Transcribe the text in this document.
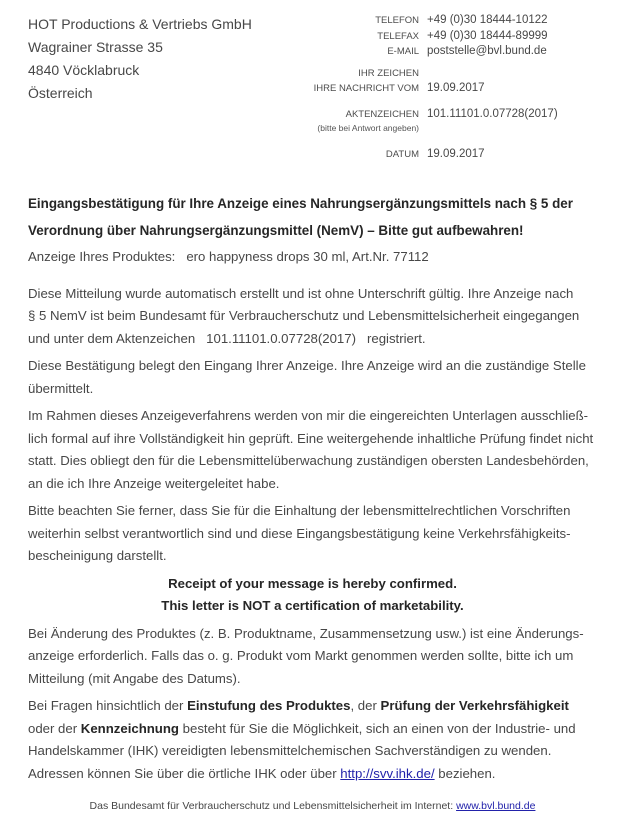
HOT Productions & Vertriebs GmbH
Wagrainer Strasse 35
4840 Vöcklabruck
Österreich
TELEFON +49 (0)30 18444-10122
TELEFAX +49 (0)30 18444-89999
E-MAIL poststelle@bvl.bund.de
IHR ZEICHEN
IHRE NACHRICHT VOM 19.09.2017
AKTENZEICHEN 101.11101.0.07728(2017)
(bitte bei Antwort angeben)
DATUM 19.09.2017
Eingangsbestätigung für Ihre Anzeige eines Nahrungsergänzungsmittels nach § 5 der
Verordnung über Nahrungsergänzungsmittel (NemV) – Bitte gut aufbewahren!
Anzeige Ihres Produktes:   ero happyness drops 30 ml, Art.Nr. 77112

Diese Mitteilung wurde automatisch erstellt und ist ohne Unterschrift gültig. Ihre Anzeige nach
§ 5 NemV ist beim Bundesamt für Verbraucherschutz und Lebensmittelsicherheit eingegangen
und unter dem Aktenzeichen   101.11101.0.07728(2017)   registriert.

Diese Bestätigung belegt den Eingang Ihrer Anzeige. Ihre Anzeige wird an die zuständige Stelle
übermittelt.

Im Rahmen dieses Anzeigeverfahrens werden von mir die eingereichten Unterlagen ausschließ-
lich formal auf ihre Vollständigkeit hin geprüft. Eine weitergehende inhaltliche Prüfung findet nicht
statt. Dies obliegt den für die Lebensmittelüberwachung zuständigen obersten Landesbehörden,
an die ich Ihre Anzeige weitergeleitet habe.

Bitte beachten Sie ferner, dass Sie für die Einhaltung der lebensmittelrechtlichen Vorschriften
weiterhin selbst verantwortlich sind und diese Eingangsbestätigung keine Verkehrsfähigkeits-
bescheinigung darstellt.

Receipt of your message is hereby confirmed.
This letter is NOT a certification of marketability.

Bei Änderung des Produktes (z. B. Produktname, Zusammensetzung usw.) ist eine Änderungs-
anzeige erforderlich. Falls das o. g. Produkt vom Markt genommen werden sollte, bitte ich um
Mitteilung (mit Angabe des Datums).

Bei Fragen hinsichtlich der Einstufung des Produktes, der Prüfung der Verkehrsfähigkeit
oder der Kennzeichnung besteht für Sie die Möglichkeit, sich an einen von der Industrie- und
Handelskammer (IHK) vereidigten lebensmittelchemischen Sachverständigen zu wenden.
Adressen können Sie über die örtliche IHK oder über http://svv.ihk.de/ beziehen.

Das Bundesamt für Verbraucherschutz und Lebensmittelsicherheit im Internet: www.bvl.bund.de
